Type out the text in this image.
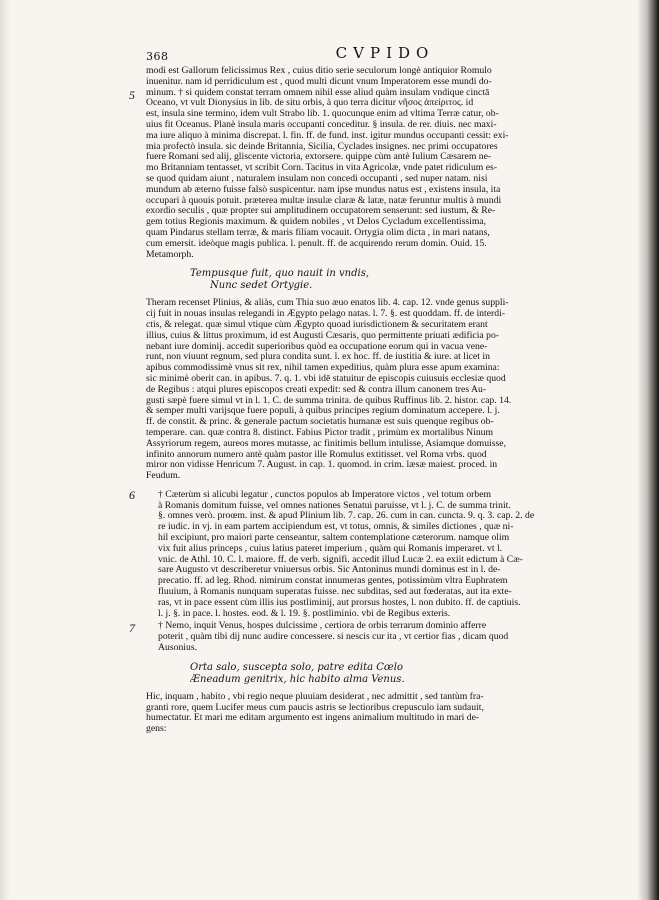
368	CVPIDO
5

modi est Gallorum felicissimus Rex , cuius ditio serie seculorum longè antiquior Romulo
inuenitur. nam id perridiculum est , quod multi dicunt vnum Imperatorem esse mundi do-
minum. † si quidem constat terram omnem nihil esse aliud quàm insulam vndique cinctā
Oceano, vt vult Dionysius in lib. de situ orbis, à quo terra dicitur νῆσος ἀπείριτος. id
est, insula sine termino, idem vult Strabo lib. 1. quocunque enim ad vltima Terræ catur, ob-
uius fit Oceanus. Planè insula maris occupanti conceditur. § insula. de rer. diuis. nec maxi-
ma iure aliquo à minima discrepat. l. fin. ff. de fund. inst. igitur mundus occupanti cessit: exi-
mia profectò insula. sic deinde Britannia, Sicilia, Cyclades insignes. nec primi occupatores
fuere Romani sed alij, gliscente victoria, extorsere. quippe cùm antè Iulium Cæsarem ne-
mo Britanniam tentasset, vt scribit Corn. Tacitus in vita Agricolæ, vnde patet ridiculum es-
se quod quidam aiunt , naturalem insulam non concedi occupanti , sed nuper natam. nisi
mundum ab æterno fuisse falsò suspicentur. nam ipse mundus natus est , existens insula, ita
occupari à quouis potuit. præterea multæ insulæ claræ & latæ, natæ feruntur multis à mundi
exordio seculis , quæ propter sui amplitudinem occupatorem senserunt: sed iustum, & Re-
gem totius Regionis maximum. & quidem nobiles , vt Delos Cycladum excellentissima,
quam Pindarus stellam terræ, & maris filiam vocauit. Ortygia olim dicta , in mari natans,
cum emersit. ideòque magis publica. l. penult. ff. de acquirendo rerum domin. Ouid. 15.
Metamorph.

Tempusque fuit, quo nauit in vndis,
Nunc sedet Ortygie.

Theram recenset Plinius, & aliàs, cum Thia suo æuo enatos lib. 4. cap. 12. vnde genus suppli-
cij fuit in nouas insulas relegandi in Ægypto pelago natas. l. 7. §. est quoddam. ff. de interdi-
ctis, & relegat. quæ simul vtique cùm Ægypto quoad iurisdictionem & securitatem erant
illius, cuius & littus proximum, id est Augusti Cæsaris, quo permittente priuati ædificia po-
nebant iure dominij. accedit superioribus quòd ea occupatione eorum qui in vacua vene-
runt, non viuunt regnum, sed plura condita sunt. l. ex hoc. ff. de iustitia & iure. at licet in
apibus commodissimè vnus sit rex, nihil tamen expeditius, quàm plura esse apum examina:
sic minimè oberit can. in apibus. 7. q. 1. vbi idē statuitur de episcopis cuiusuis ecclesiæ quod
de Regibus : atqui plures episcopos creati expedit: sed & contra illum canonem tres Au-
gusti sæpè fuere simul vt in l. 1. C. de summa trinita. de quibus Ruffinus lib. 2. histor. cap. 14.
& semper multi varijsque fuere populi, à quibus principes regium dominatum accepere. l. j.
ff. de constit. & princ. & generale pactum societatis humanæ est suis quenque regibus ob-
temperare. can. quæ contra 8. distinct. Fabius Pictor tradit , primùm ex mortalibus Ninum
Assyriorum regem, aureos mores mutasse, ac finitimis bellum intulisse, Asiamque domuisse,
infinito annorum numero antè quàm pastor ille Romulus extitisset. vel Roma vrbs. quod
miror non vidisse Henricum 7. August. in cap. 1. quomod. in crim. læsæ maiest. proced. in
Feudum.

6	† Cæterùm si alicubi legatur , cunctos populos ab Imperatore victos , vel totum orbem
à Romanis domitum fuisse, vel omnes nationes Senatui paruisse, vt l. j. C. de summa trinit.
§. omnes verò. proœm. inst. & apud Plinium lib. 7. cap. 26. cum in can. cuncta. 9. q. 3. cap. 2. de
re iudic. in vj. in eam partem accipiendum est, vt totus, omnis, & similes dictiones , quæ ni-
hil excipiunt, pro maiori parte censeantur, saltem contemplatione cæterorum. namque olim
vix fuit alius princeps , cuius latius pateret imperium , quàm qui Romanis imperaret. vt l.
vnic. de Athl. 10. C. l. maiore. ff. de verb. signifi. accedit illud Lucæ 2. ea exiit edictum à Cæ-
sare Augusto vt describeretur vniuersus orbis. Sic Antoninus mundi dominus est in l. de-
precatio. ff. ad leg. Rhod. nimirum constat innumeras gentes, potissimùm vltra Euphratem
fluuium, à Romanis nunquam superatas fuisse. nec subditas, sed aut fœderatas, aut ita exte-
ras, vt in pace essent cùm illis ius postliminij, aut prorsus hostes, l. non dubito. ff. de captiuis.
l. j. §. in pace. l. hostes. eod. & l. 19. §. postliminio. vbi de Regibus exteris.

7	† Nemo, inquit Venus, hospes dulcissime , certiora de orbis terrarum dominio afferre
poterit , quàm tibi dij nunc audire concessere. si nescis cur ita , vt certior fias , dicam quod
Ausonius.

Orta salo, suscepta solo, patre edita Cœlo
Æneadum genitrix, hic habito alma Venus.

Hic, inquam , habito , vbi regio neque pluuiam desiderat , nec admittit , sed tantùm fra-
granti rore, quem Lucifer meus cum paucis astris se lectioribus crepusculo iam sudauit,
humectatur. Et mari me editam argumento est ingens animalium multitudo in mari de-
gens:
